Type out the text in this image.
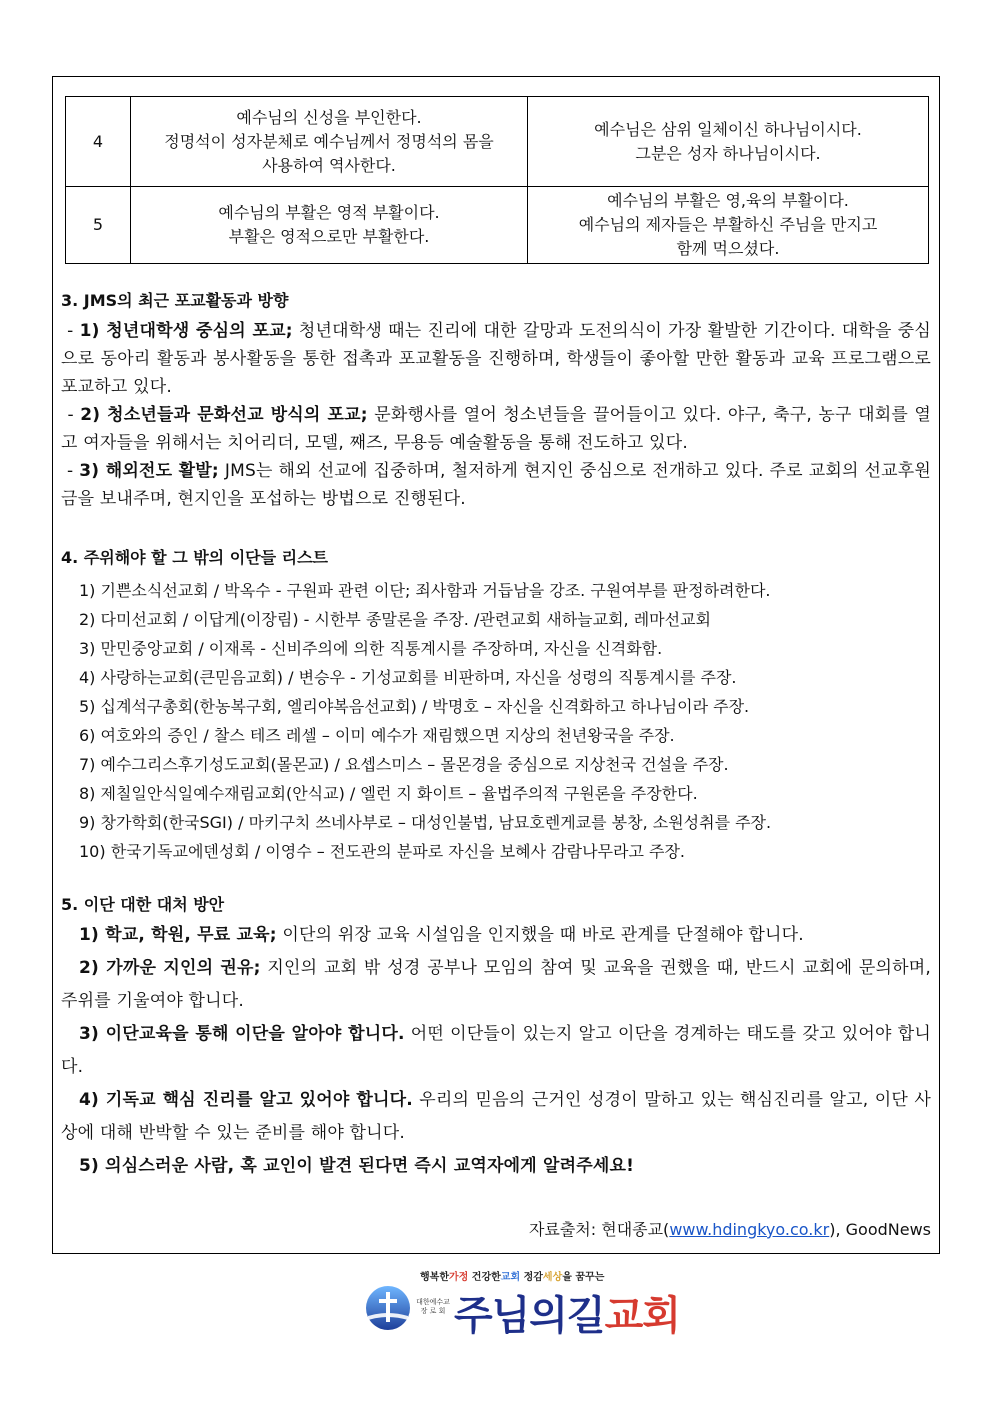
4	예수님의 신성을 부인한다.
정명석이 성자분체로 예수님께서 정명석의 몸을
사용하여 역사한다.	예수님은 삼위 일체이신 하나님이시다.
그분은 성자 하나님이시다.

5	예수님의 부활은 영적 부활이다.
부활은 영적으로만 부활한다.	예수님의 부활은 영,육의 부활이다.
예수님의 제자들은 부활하신 주님을 만지고
함께 먹으셨다.

3. JMS의 최근 포교활동과 방향

- 1) 청년대학생 중심의 포교; 청년대학생 때는 진리에 대한 갈망과 도전의식이 가장 활발한 기간이다. 대학을 중심으로 동아리 활동과 봉사활동을 통한 접촉과 포교활동을 진행하며, 학생들이 좋아할 만한 활동과 교육 프로그램으로 포교하고 있다.

- 2) 청소년들과 문화선교 방식의 포교; 문화행사를 열어 청소년들을 끌어들이고 있다. 야구, 축구, 농구 대회를 열고 여자들을 위해서는 치어리더, 모델, 째즈, 무용등 예술활동을 통해 전도하고 있다.

- 3) 해외전도 활발; JMS는 해외 선교에 집중하며, 철저하게 현지인 중심으로 전개하고 있다. 주로 교회의 선교후원금을 보내주며, 현지인을 포섭하는 방법으로 진행된다.

4. 주위해야 할 그 밖의 이단들 리스트

1) 기쁜소식선교회 / 박옥수 - 구원파 관련 이단; 죄사함과 거듭남을 강조. 구원여부를 판정하려한다.

2) 다미선교회 / 이답게(이장림) - 시한부 종말론을 주장. /관련교회 새하늘교회, 레마선교회

3) 만민중앙교회 / 이재록 - 신비주의에 의한 직통계시를 주장하며, 자신을 신격화함.

4) 사랑하는교회(큰믿음교회) / 변승우 - 기성교회를 비판하며, 자신을 성령의 직통계시를 주장.

5) 십계석구총회(한농복구회, 엘리야복음선교회) / 박명호 – 자신을 신격화하고 하나님이라 주장.

6) 여호와의 증인 / 찰스 테즈 레셀 – 이미 예수가 재림했으면 지상의 천년왕국을 주장.

7) 예수그리스후기성도교회(몰몬교) / 요셉스미스 – 몰몬경을 중심으로 지상천국 건설을 주장.

8) 제칠일안식일예수재림교회(안식교) / 엘런 지 화이트 – 율법주의적 구원론을 주장한다.

9) 창가학회(한국SGI) / 마키구치 쓰네사부로 – 대성인불법, 남묘호렌게쿄를 봉창, 소원성취를 주장.

10) 한국기독교에덴성회 / 이영수 – 전도관의 분파로 자신을 보혜사 감람나무라고 주장.

5. 이단 대한 대처 방안

1) 학교, 학원, 무료 교육; 이단의 위장 교육 시설임을 인지했을 때 바로 관계를 단절해야 합니다.

2) 가까운 지인의 권유; 지인의 교회 밖 성경 공부나 모임의 참여 및 교육을 권했을 때, 반드시 교회에 문의하며, 주위를 기울여야 합니다.

3) 이단교육을 통해 이단을 알아야 합니다. 어떤 이단들이 있는지 알고 이단을 경계하는 태도를 갖고 있어야 합니다.

4) 기독교 핵심 진리를 알고 있어야 합니다. 우리의 믿음의 근거인 성경이 말하고 있는 핵심진리를 알고, 이단 사상에 대해 반박할 수 있는 준비를 해야 합니다.

5) 의심스러운 사람, 혹 교인이 발견 된다면 즉시 교역자에게 알려주세요!

자료출처: 현대종교(www.hdingkyo.co.kr), GoodNews
행복한가정 건강한교회 정감세상을 꿈꾸는
대한예수교
장 로 회 주님의길교회
